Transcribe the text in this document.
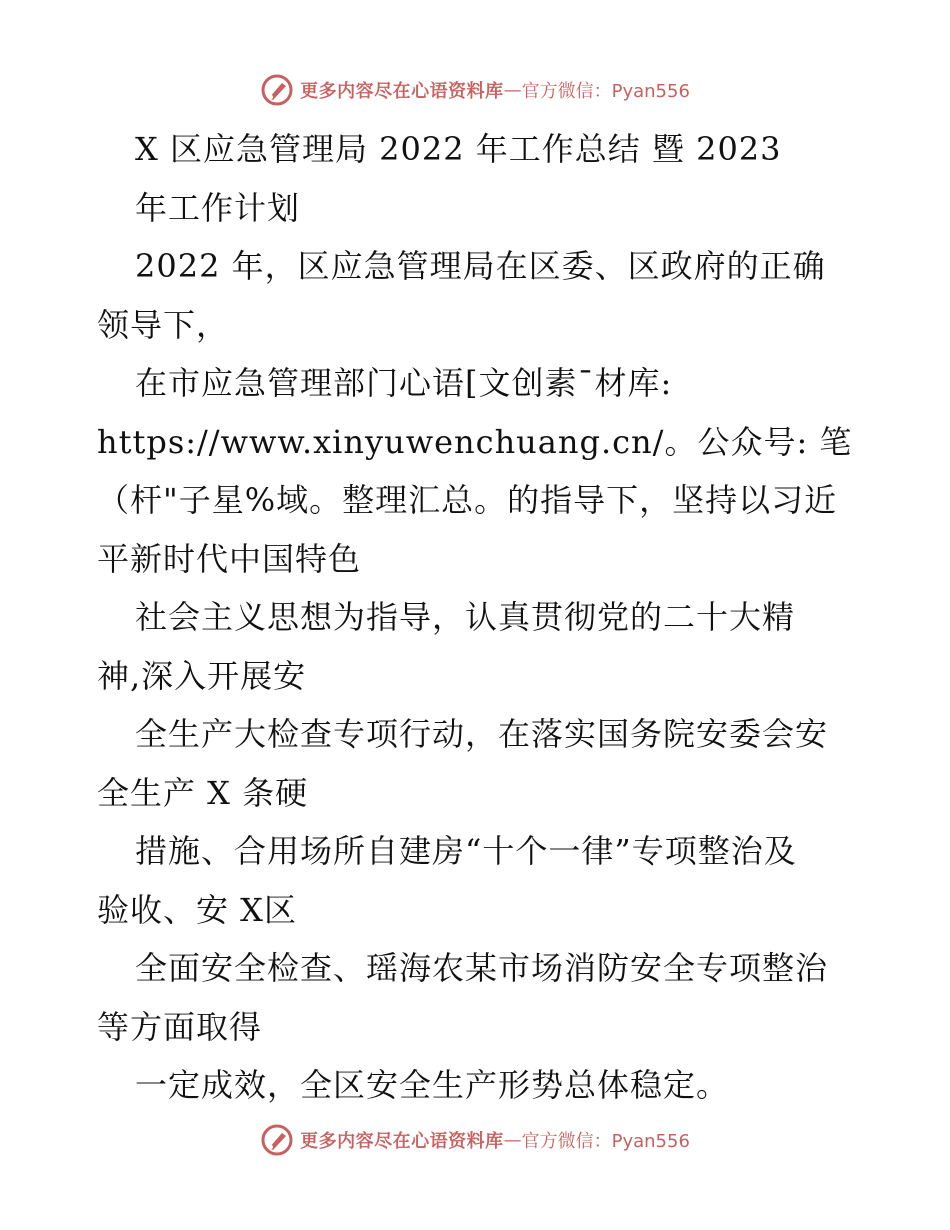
更多内容尽在心语资料库 — 官方微信：Pyan556
X 区应急管理局 2022 年工作总结 暨 2023
年工作计划
2022 年，区应急管理局在区委、区政府的正确
领导下，
在市应急管理部门心语[文创素¯材库:
https://www.xinyuwenchuang.cn/。公众号: 笔
（杆"子星%域。整理汇总。的指导下，坚持以习近
平新时代中国特色
社会主义思想为指导，认真贯彻党的二十大精
神,深入开展安
全生产大检查专项行动，在落实国务院安委会安
全生产 X 条硬
措施、合用场所自建房“十个一律”专项整治及
验收、安 X区
全面安全检查、瑶海农某市场消防安全专项整治
等方面取得
一定成效，全区安全生产形势总体稳定。
更多内容尽在心语资料库 — 官方微信：Pyan556
